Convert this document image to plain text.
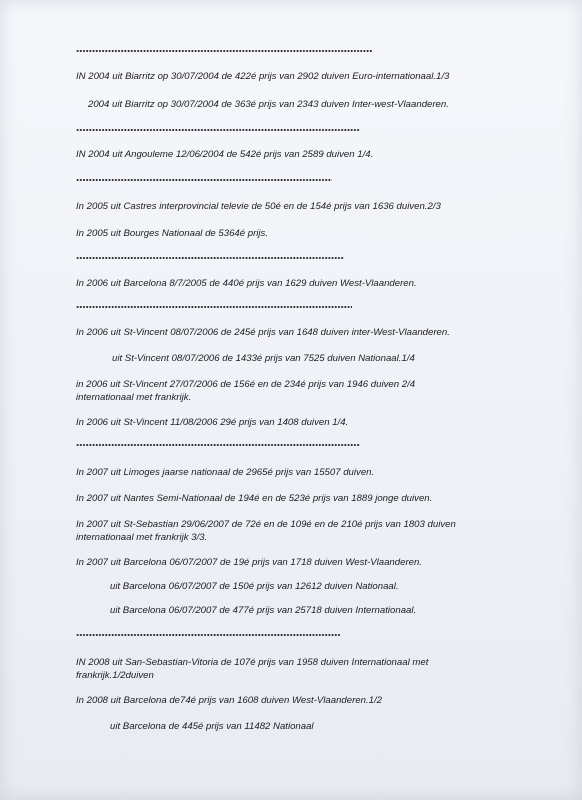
IN 2004 uit Biarritz op 30/07/2004 de 422é prijs van 2902 duiven Euro-internationaal.1/3

2004 uit Biarritz op 30/07/2004 de 363é prijs van 2343 duiven Inter-west-Vlaanderen.

IN 2004 uit Angouleme 12/06/2004 de 542é prijs van 2589 duiven 1/4.

In 2005 uit Castres interprovincial televie de 50é en de 154é prijs van 1636 duiven.2/3

In 2005 uit Bourges Nationaal de 5364é prijs.

In 2006 uit Barcelona 8/7/2005 de 440é prijs van 1629 duiven West-Vlaanderen.

In 2006 uit St-Vincent 08/07/2006 de 245é prijs van 1648 duiven inter-West-Vlaanderen.

uit St-Vincent 08/07/2006 de 1433é prijs van 7525 duiven Nationaal.1/4

in 2006 uit St-Vincent 27/07/2006 de 156é en de 234é prijs van 1946 duiven 2/4 internationaal met frankrijk.

In 2006 uit St-Vincent 11/08/2006 29é prijs van 1408 duiven 1/4.

In 2007 uit Limoges jaarse nationaal de 2965é prijs van 15507 duiven.

In 2007 uit Nantes Semi-Nationaal de 194é en de 523é prijs van 1889 jonge duiven.

In 2007 uit St-Sebastian 29/06/2007 de 72é en de 109é en de 210é prijs van 1803 duiven internationaal met frankrijk 3/3.

In 2007 uit Barcelona 06/07/2007 de 19é prijs van 1718 duiven West-Vlaanderen.

uit Barcelona 06/07/2007 de 150é prijs van 12612 duiven Nationaal.

uit Barcelona 06/07/2007 de 477é prijs van 25718 duiven Internationaal.

IN 2008 uit San-Sebastian-Vitoria de 107é prijs van 1958 duiven Internationaal met frankrijk.1/2duiven

In 2008 uit Barcelona de74é prijs van 1608 duiven West-Vlaanderen.1/2

uit Barcelona de 445é prijs van 11482 Nationaal
